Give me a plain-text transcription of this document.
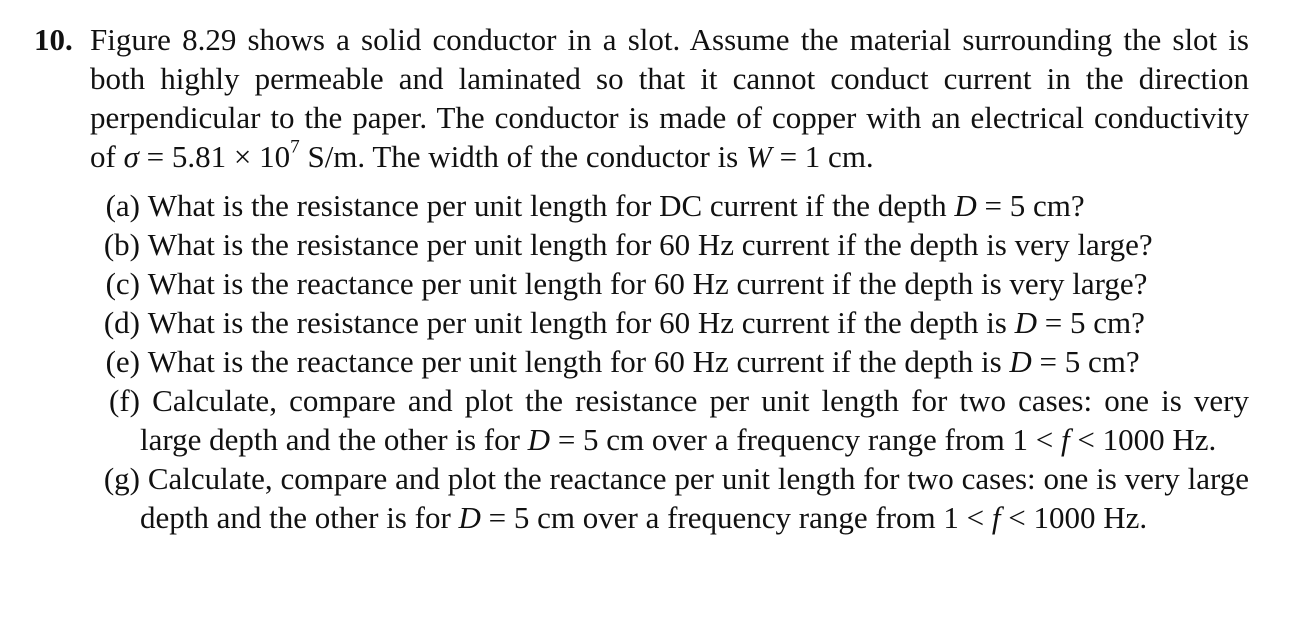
10. Figure 8.29 shows a solid conductor in a slot. Assume the material surrounding the slot is both highly permeable and laminated so that it cannot conduct current in the direction perpendicular to the paper. The conductor is made of copper with an electrical conductivity of $\sigma = 5.81 \times 10^7$ S/m. The width of the conductor is W = 1 cm.
(a) What is the resistance per unit length for DC current if the depth D = 5 cm?
(b) What is the resistance per unit length for 60 Hz current if the depth is very large?
(c) What is the reactance per unit length for 60 Hz current if the depth is very large?
(d) What is the resistance per unit length for 60 Hz current if the depth is D = 5 cm?
(e) What is the reactance per unit length for 60 Hz current if the depth is D = 5 cm?
(f) Calculate, compare and plot the resistance per unit length for two cases: one is very large depth and the other is for D = 5 cm over a frequency range from 1 < f < 1000 Hz.
(g) Calculate, compare and plot the reactance per unit length for two cases: one is very large depth and the other is for D = 5 cm over a frequency range from 1 < f < 1000 Hz.
